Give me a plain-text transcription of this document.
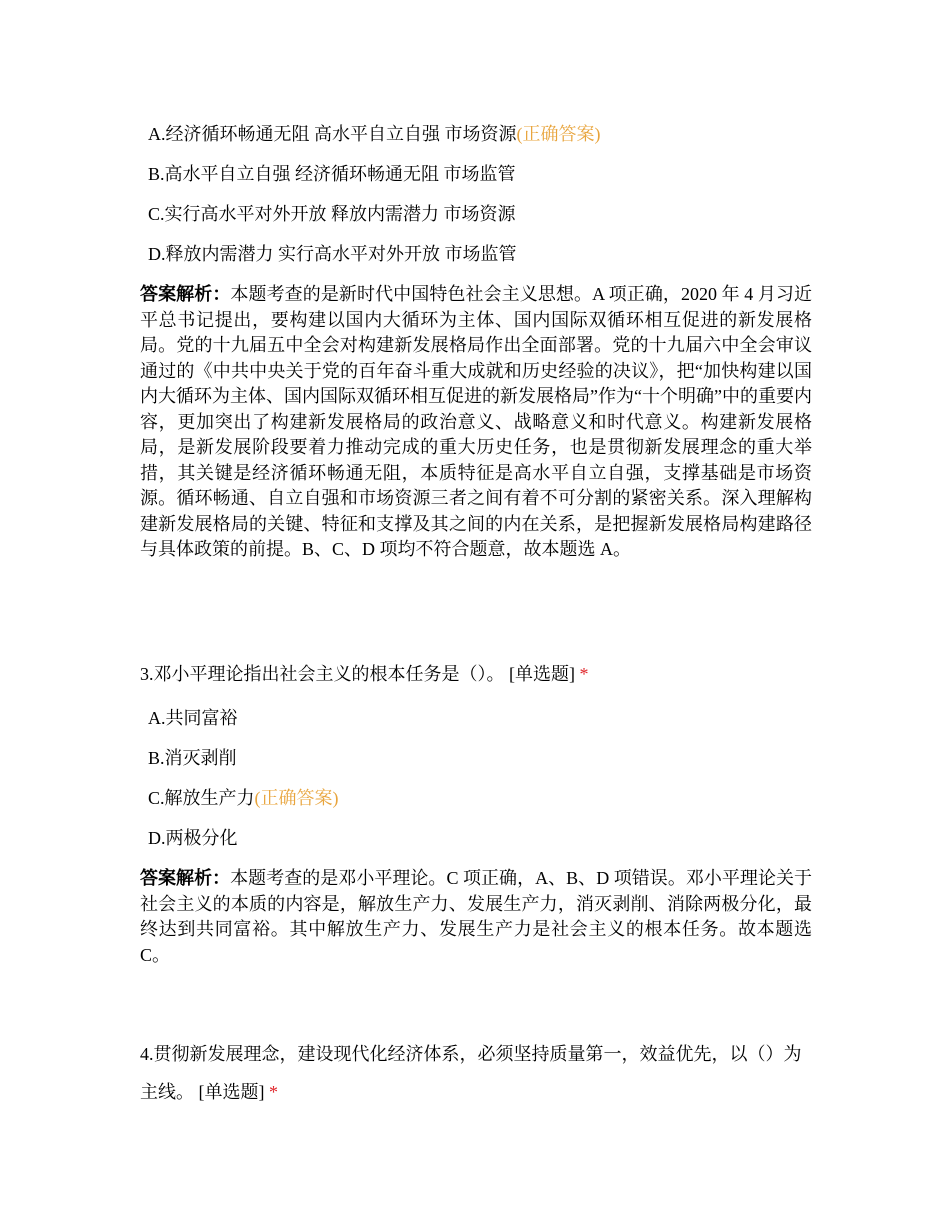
A.经济循环畅通无阻 高水平自立自强 市场资源(正确答案)
B.高水平自立自强 经济循环畅通无阻 市场监管
C.实行高水平对外开放 释放内需潜力 市场资源
D.释放内需潜力 实行高水平对外开放 市场监管
答案解析：本题考查的是新时代中国特色社会主义思想。A 项正确，2020 年 4 月习近平总书记提出，要构建以国内大循环为主体、国内国际双循环相互促进的新发展格局。党的十九届五中全会对构建新发展格局作出全面部署。党的十九届六中全会审议通过的《中共中央关于党的百年奋斗重大成就和历史经验的决议》，把“加快构建以国内大循环为主体、国内国际双循环相互促进的新发展格局”作为“十个明确”中的重要内容，更加突出了构建新发展格局的政治意义、战略意义和时代意义。构建新发展格局，是新发展阶段要着力推动完成的重大历史任务，也是贯彻新发展理念的重大举措，其关键是经济循环畅通无阻，本质特征是高水平自立自强，支撑基础是市场资源。循环畅通、自立自强和市场资源三者之间有着不可分割的紧密关系。深入理解构建新发展格局的关键、特征和支撑及其之间的内在关系，是把握新发展格局构建路径与具体政策的前提。B、C、D 项均不符合题意，故本题选 A。
3.邓小平理论指出社会主义的根本任务是（）。 [单选题] *
A.共同富裕
B.消灭剥削
C.解放生产力(正确答案)
D.两极分化
答案解析：本题考查的是邓小平理论。C 项正确，A、B、D 项错误。邓小平理论关于社会主义的本质的内容是，解放生产力、发展生产力，消灭剥削、消除两极分化，最终达到共同富裕。其中解放生产力、发展生产力是社会主义的根本任务。故本题选 C。
4.贯彻新发展理念，建设现代化经济体系，必须坚持质量第一，效益优先，以（）为主线。 [单选题] *
